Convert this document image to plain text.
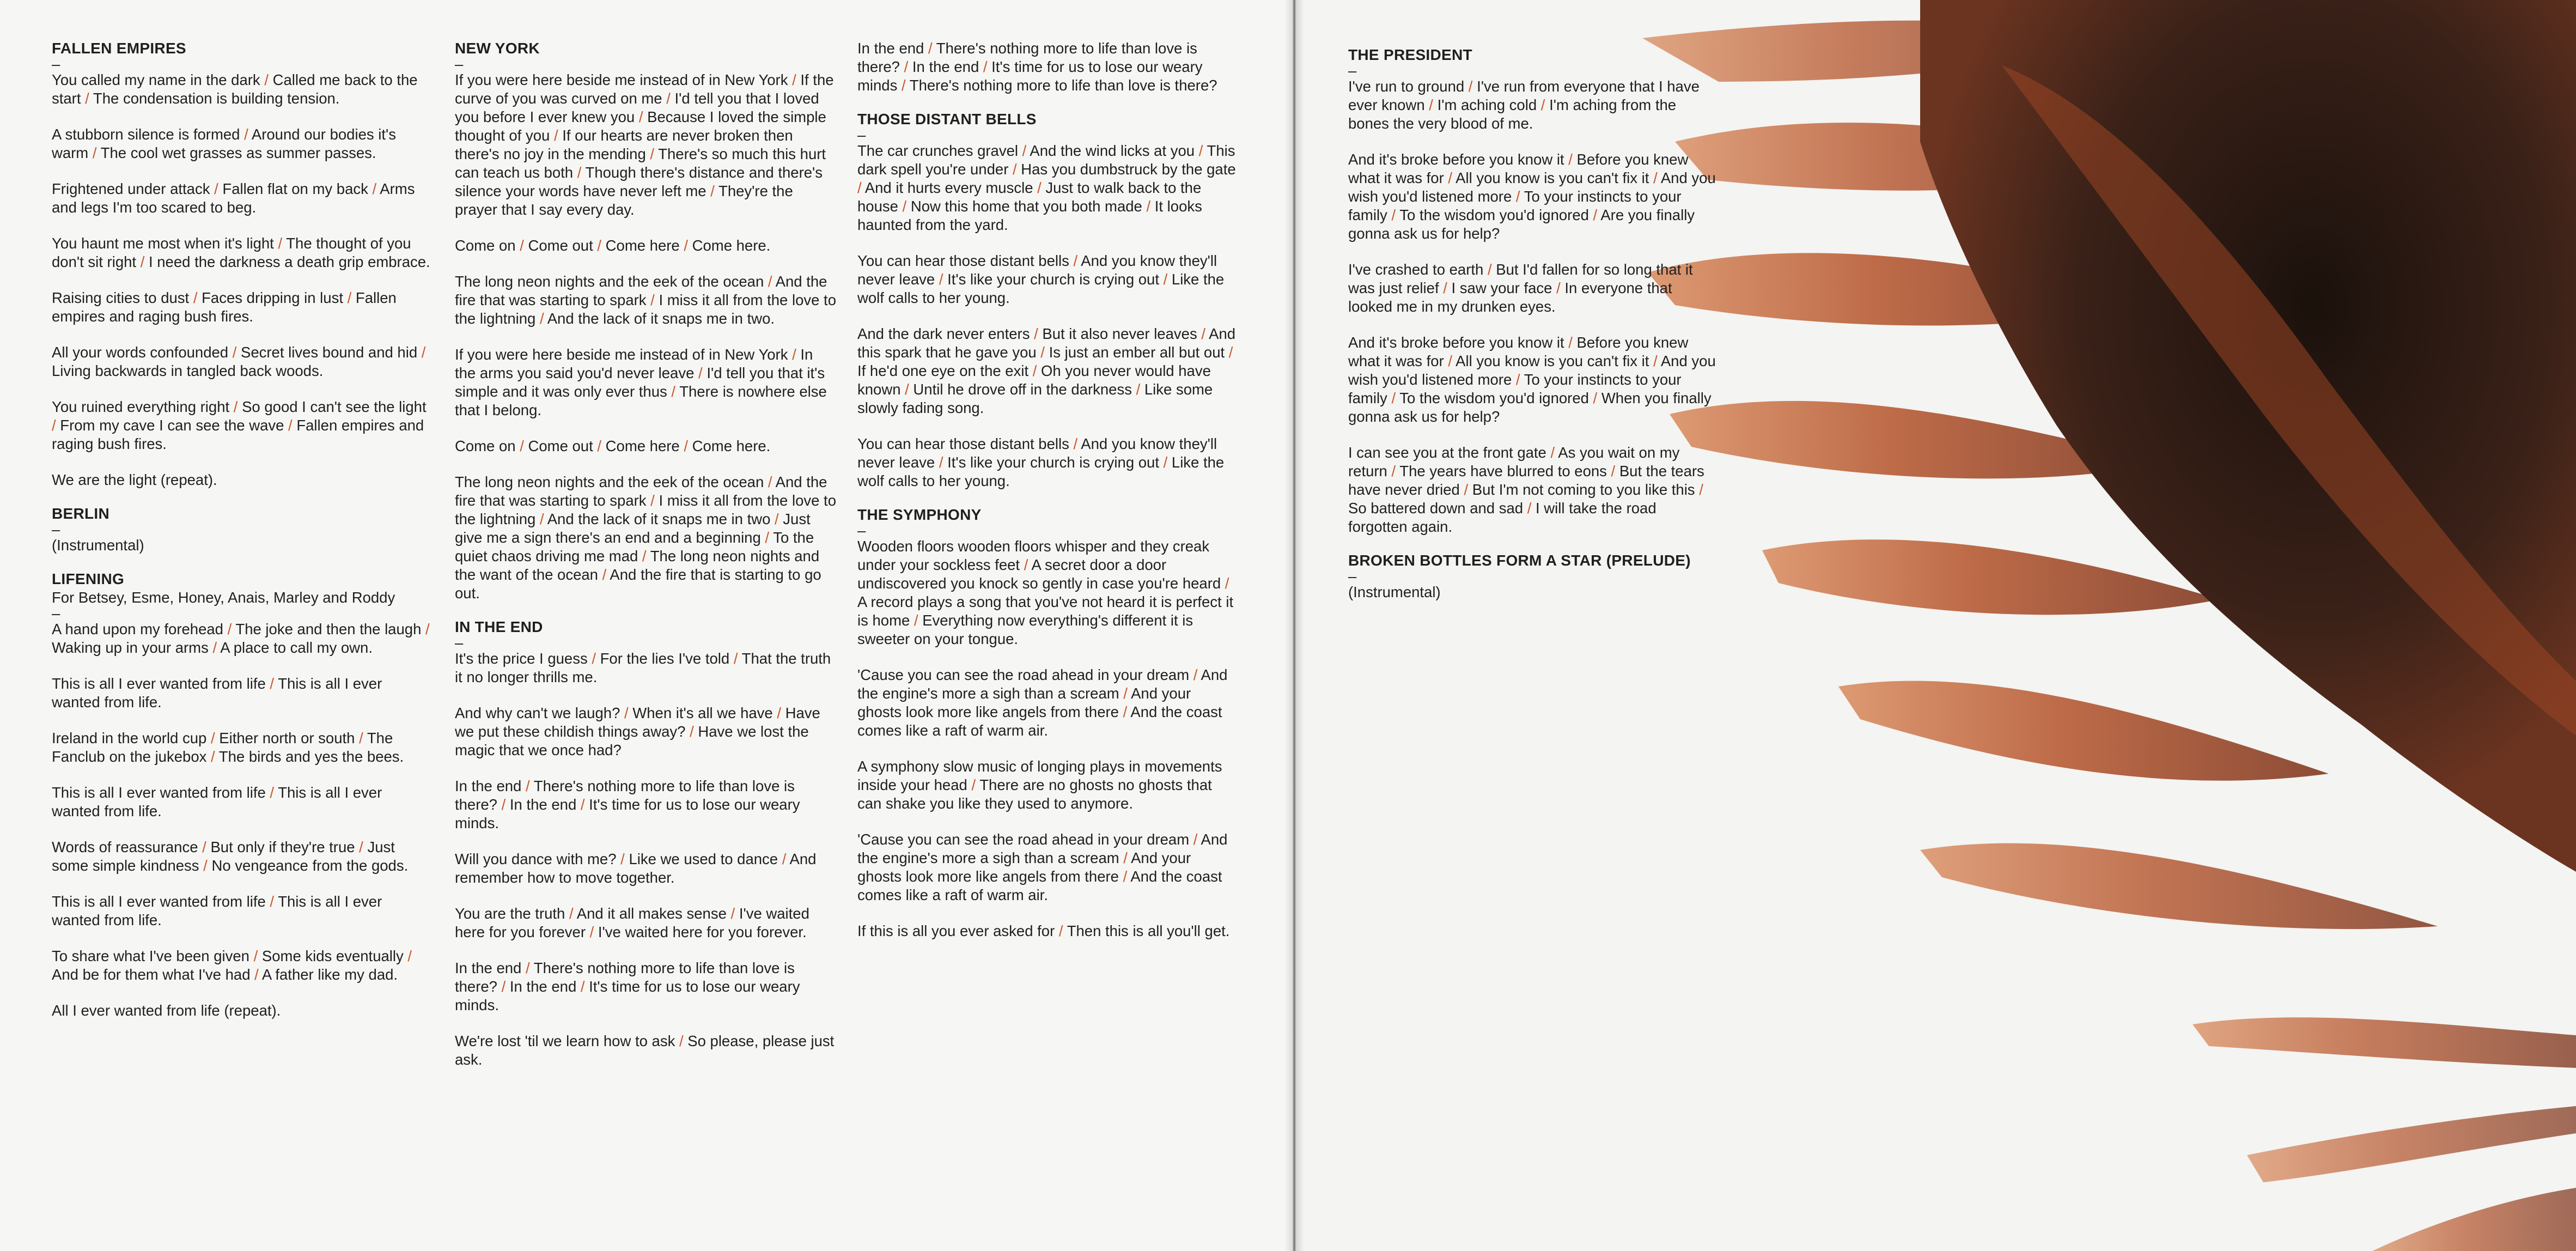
FALLEN EMPIRES

–

You called my name in the dark / Called me back to the start / The condensation is building tension.

A stubborn silence is formed / Around our bodies it's warm / The cool wet grasses as summer passes.

Frightened under attack / Fallen flat on my back / Arms and legs I'm too scared to beg.

You haunt me most when it's light / The thought of you don't sit right / I need the darkness a death grip embrace.

Raising cities to dust / Faces dripping in lust / Fallen empires and raging bush fires.

All your words confounded / Secret lives bound and hid / Living backwards in tangled back woods.

You ruined everything right / So good I can't see the light / From my cave I can see the wave / Fallen empires and raging bush fires.

We are the light (repeat).

BERLIN

–

(Instrumental)

LIFENING

For Betsey, Esme, Honey, Anais, Marley and Roddy

–

A hand upon my forehead / The joke and then the laugh / Waking up in your arms / A place to call my own.

This is all I ever wanted from life / This is all I ever wanted from life.

Ireland in the world cup / Either north or south / The Fanclub on the jukebox / The birds and yes the bees.

This is all I ever wanted from life / This is all I ever wanted from life.

Words of reassurance / But only if they're true / Just some simple kindness / No vengeance from the gods.

This is all I ever wanted from life / This is all I ever wanted from life.

To share what I've been given / Some kids eventually / And be for them what I've had / A father like my dad.

All I ever wanted from life (repeat).

NEW YORK

–

If you were here beside me instead of in New York / If the curve of you was curved on me / I'd tell you that I loved you before I ever knew you / Because I loved the simple thought of you / If our hearts are never broken then there's no joy in the mending / There's so much this hurt can teach us both / Though there's distance and there's silence your words have never left me / They're the prayer that I say every day.

Come on / Come out / Come here / Come here.

The long neon nights and the eek of the ocean / And the fire that was starting to spark / I miss it all from the love to the lightning / And the lack of it snaps me in two.

If you were here beside me instead of in New York / In the arms you said you'd never leave / I'd tell you that it's simple and it was only ever thus / There is nowhere else that I belong.

Come on / Come out / Come here / Come here.

The long neon nights and the eek of the ocean / And the fire that was starting to spark / I miss it all from the love to the lightning / And the lack of it snaps me in two / Just give me a sign there's an end and a beginning / To the quiet chaos driving me mad / The long neon nights and the want of the ocean / And the fire that is starting to go out.

IN THE END

–

It's the price I guess / For the lies I've told / That the truth it no longer thrills me.

And why can't we laugh? / When it's all we have / Have we put these childish things away? / Have we lost the magic that we once had?

In the end / There's nothing more to life than love is there? / In the end / It's time for us to lose our weary minds.

Will you dance with me? / Like we used to dance / And remember how to move together.

You are the truth / And it all makes sense / I've waited here for you forever / I've waited here for you forever.

In the end / There's nothing more to life than love is there? / In the end / It's time for us to lose our weary minds.

We're lost 'til we learn how to ask / So please, please just ask.

In the end / There's nothing more to life than love is there? / In the end / It's time for us to lose our weary minds / There's nothing more to life than love is there?

THOSE DISTANT BELLS

–

The car crunches gravel / And the wind licks at you / This dark spell you're under / Has you dumbstruck by the gate / And it hurts every muscle / Just to walk back to the house / Now this home that you both made / It looks haunted from the yard.

You can hear those distant bells / And you know they'll never leave / It's like your church is crying out / Like the wolf calls to her young.

And the dark never enters / But it also never leaves / And this spark that he gave you / Is just an ember all but out / If he'd one eye on the exit / Oh you never would have known / Until he drove off in the darkness / Like some slowly fading song.

You can hear those distant bells / And you know they'll never leave / It's like your church is crying out / Like the wolf calls to her young.

THE SYMPHONY

–

Wooden floors wooden floors whisper and they creak under your sockless feet / A secret door a door undiscovered you knock so gently in case you're heard / A record plays a song that you've not heard it is perfect it is home / Everything now everything's different it is sweeter on your tongue.

'Cause you can see the road ahead in your dream / And the engine's more a sigh than a scream / And your ghosts look more like angels from there / And the coast comes like a raft of warm air.

A symphony slow music of longing plays in movements inside your head / There are no ghosts no ghosts that can shake you like they used to anymore.

'Cause you can see the road ahead in your dream / And the engine's more a sigh than a scream / And your ghosts look more like angels from there / And the coast comes like a raft of warm air.

If this is all you ever asked for / Then this is all you'll get.

THE PRESIDENT

–

I've run to ground / I've run from everyone that I have ever known / I'm aching cold / I'm aching from the bones the very blood of me.

And it's broke before you know it / Before you knew what it was for / All you know is you can't fix it / And you wish you'd listened more / To your instincts to your family / To the wisdom you'd ignored / Are you finally gonna ask us for help?

I've crashed to earth / But I'd fallen for so long that it was just relief / I saw your face / In everyone that looked me in my drunken eyes.

And it's broke before you know it / Before you knew what it was for / All you know is you can't fix it / And you wish you'd listened more / To your instincts to your family / To the wisdom you'd ignored / When you finally gonna ask us for help?

I can see you at the front gate / As you wait on my return / The years have blurred to eons / But the tears have never dried / But I'm not coming to you like this / So battered down and sad / I will take the road forgotten again.

BROKEN BOTTLES FORM A STAR (PRELUDE)

–

(Instrumental)
